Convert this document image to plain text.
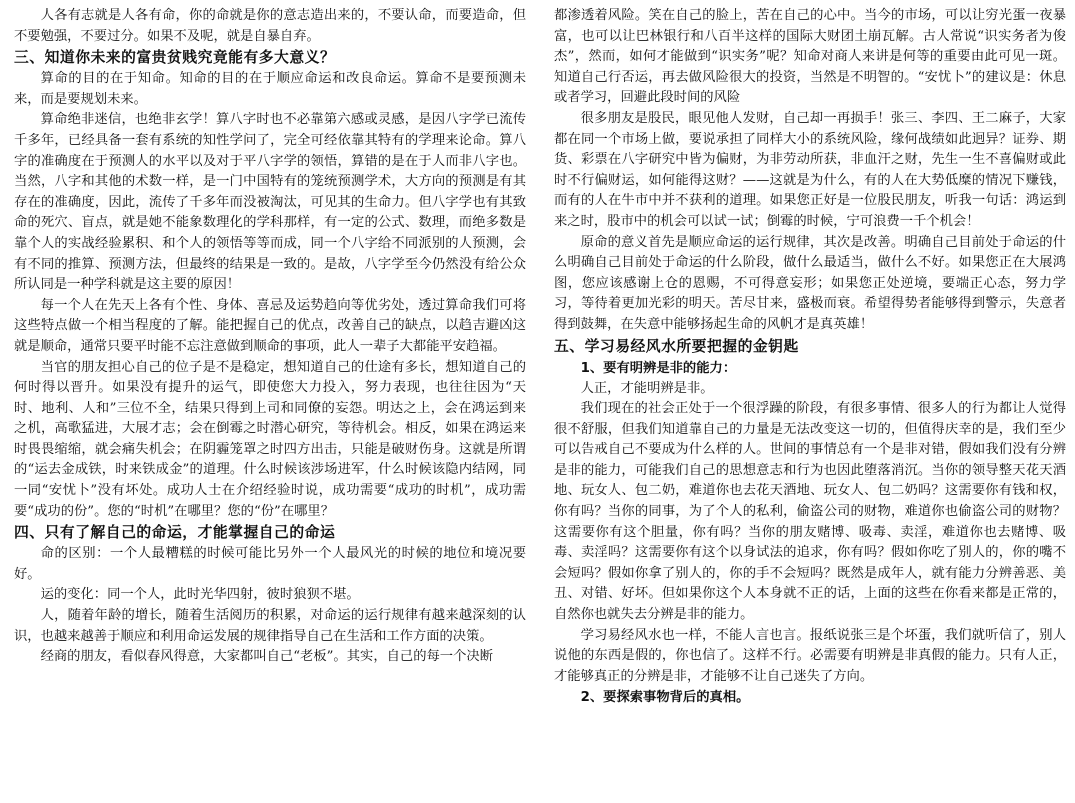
人各有志就是人各有命，你的命就是你的意志造出来的，不要认命，而要造命，但不要勉强，不要过分。如果不及呢，就是自暴自弃。

三、知道你未来的富贵贫贱究竟能有多大意义？

算命的目的在于知命。知命的目的在于顺应命运和改良命运。算命不是要预测未来，而是要规划未来。

算命绝非迷信，也绝非玄学！算八字时也不必靠第六感或灵感，是因八字学已流传千多年，已经具备一套有系统的知性学问了，完全可经依靠其特有的学理来论命。算八字的准确度在于预测人的水平以及对于平八字学的领悟，算错的是在于人而非八字也。当然，八字和其他的术数一样，是一门中国特有的笼统预测学术，大方向的预测是有其存在的准确度，因此，流传了千多年而没被淘汰，可见其的生命力。但八字学也有其致命的死穴、盲点，就是她不能象数理化的学科那样，有一定的公式、数理，而绝多数是靠个人的实战经验累积、和个人的领悟等等而成，同一个八字给不同派别的人预测，会有不同的推算、预测方法，但最终的结果是一致的。是故，八字学至今仍然没有给公众所认同是一种学科就是这主要的原因！

每一个人在先天上各有个性、身体、喜忌及运势趋向等优劣处，透过算命我们可将这些特点做一个相当程度的了解。能把握自己的优点，改善自己的缺点，以趋吉避凶这就是顺命，通常只要平时能不忘注意做到顺命的事项，此人一辈子大都能平安趋福。

当官的朋友担心自己的位子是不是稳定，想知道自己的仕途有多长，想知道自己的何时得以晋升。如果没有提升的运气，即使您大力投入，努力表现，也往往因为“天时、地利、人和”三位不全，结果只得到上司和同僚的妄怨。明达之上，会在鸿运到来之机，高歌猛进，大展才志；会在倒霉之时潜心研究，等待机会。相反，如果在鸿运来时畏畏缩缩，就会痛失机会；在阴霾笼罩之时四方出击，只能是破财伤身。这就是所谓的“运去金成铁，时来铁成金”的道理。什么时候该涉场进军，什么时候该隐内结网，同一同“安忧卜”没有坏处。成功人士在介绍经验时说，成功需要“成功的时机”，成功需要“成功的份”。您的“时机”在哪里？您的“份”在哪里？

四、只有了解自己的命运，才能掌握自己的命运

命的区别：一个人最糟糕的时候可能比另外一个人最风光的时候的地位和境况要好。

运的变化：同一个人，此时光华四射，彼时狼狈不堪。

人，随着年龄的增长，随着生活阅历的积累，对命运的运行规律有越来越深刻的认识，也越来越善于顺应和利用命运发展的规律指导自己在生活和工作方面的决策。

经商的朋友，看似春风得意，大家都叫自己“老板”。其实，自己的每一个决断

都渗透着风险。笑在自己的脸上，苦在自己的心中。当今的市场，可以让穷光蛋一夜暴富，也可以让巴林银行和八百半这样的国际大财团土崩瓦解。古人常说“识实务者为俊杰”，然而，如何才能做到“识实务”呢？知命对商人来讲是何等的重要由此可见一斑。知道自己行否运，再去做风险很大的投资，当然是不明智的。“安忧卜”的建议是：休息或者学习，回避此段时间的风险

很多朋友是股民，眼见他人发财，自己却一再损手！张三、李四、王二麻子，大家都在同一个市场上做，要说承担了同样大小的系统风险，缘何战绩如此迥异？证券、期货、彩票在八字研究中皆为偏财，为非劳动所获，非血汗之财，先生一生不喜偏财或此时不行偏财运，如何能得这财？——这就是为什么，有的人在大势低糜的情况下赚钱，而有的人在牛市中并不获利的道理。如果您正好是一位股民朋友，听我一句话：鸿运到来之时，股市中的机会可以试一试；倒霉的时候，宁可浪费一千个机会！

原命的意义首先是顺应命运的运行规律，其次是改善。明确自己目前处于命运的什么明确自己目前处于命运的什么阶段，做什么最适当，做什么不好。如果您正在大展鸿图，您应该感谢上仓的恩赐，不可得意妄形；如果您正处逆境，要端正心态，努力学习，等待着更加光彩的明天。苦尽甘来，盛极而衰。希望得势者能够得到警示，失意者得到鼓舞，在失意中能够扬起生命的风帆才是真英雄！

五、学习易经风水所要把握的金钥匙
1、要有明辨是非的能力：

人正，才能明辨是非。

我们现在的社会正处于一个很浮躁的阶段，有很多事情、很多人的行为都让人觉得很不舒服，但我们知道靠自己的力量是无法改变这一切的，但值得庆幸的是，我们至少可以告戒自己不要成为什么样的人。世间的事情总有一个是非对错，假如我们没有分辨是非的能力，可能我们自己的思想意志和行为也因此堕落消沉。当你的领导整天花天酒地、玩女人、包二奶，难道你也去花天酒地、玩女人、包二奶吗？这需要你有钱和权，你有吗？当你的同事，为了个人的私利，偷盗公司的财物，难道你也偷盗公司的财物？这需要你有这个胆量，你有吗？当你的朋友赌博、吸毒、卖淫，难道你也去赌博、吸毒、卖淫吗？这需要你有这个以身试法的追求，你有吗？假如你吃了别人的，你的嘴不会短吗？假如你拿了别人的，你的手不会短吗？既然是成年人，就有能力分辨善恶、美丑、对错、好坏。但如果你这个人本身就不正的话，上面的这些在你看来都是正常的，自然你也就失去分辨是非的能力。

学习易经风水也一样，不能人言也言。报纸说张三是个坏蛋，我们就听信了，别人说他的东西是假的，你也信了。这样不行。必需要有明辨是非真假的能力。只有人正，才能够真正的分辨是非，才能够不让自己迷失了方向。

2、要探索事物背后的真相。
